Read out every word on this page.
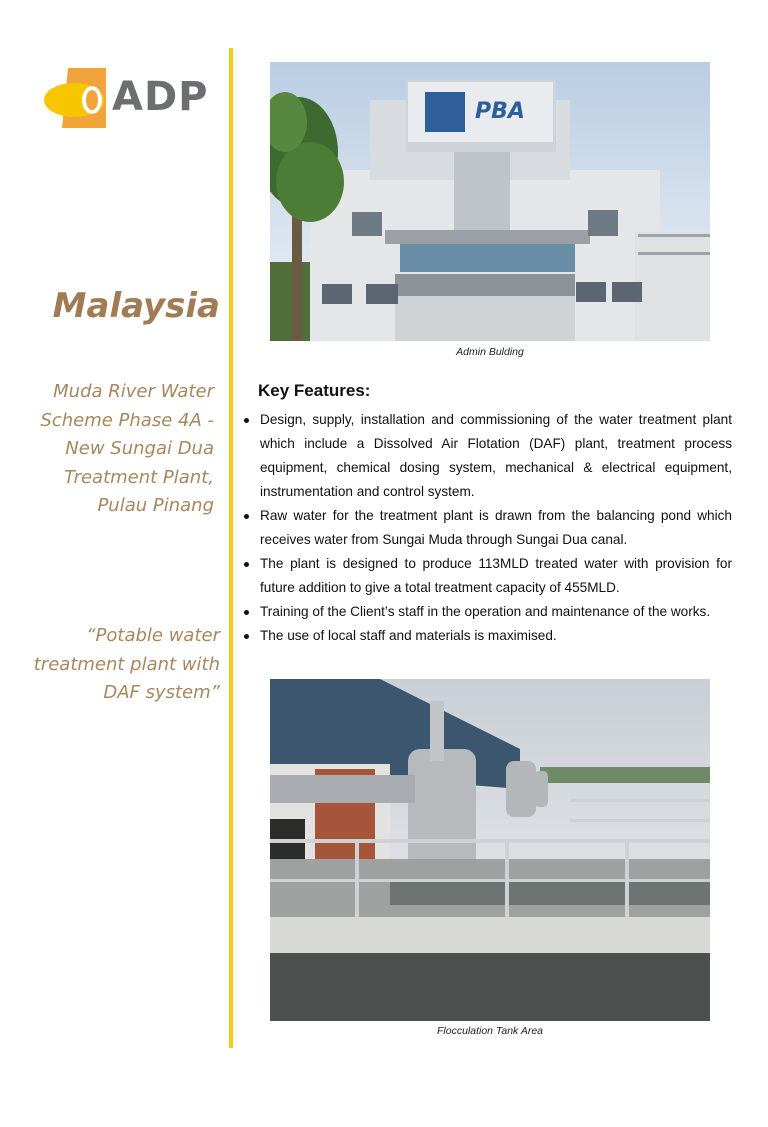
ADP
Malaysia
Muda River Water
Scheme Phase 4A -
New Sungai Dua
Treatment Plant,
Pulau Pinang
“Potable water
treatment plant with
DAF system”
PBA
Admin Bulding
Key Features:
Design, supply, installation and commissioning of the water treatment plant which include a Dissolved Air Flotation (DAF) plant, treatment process equipment, chemical dosing system, mechanical & electrical equipment, instrumentation and control system.
Raw water for the treatment plant is drawn from the balancing pond which receives water from Sungai Muda through Sungai Dua canal.
The plant is designed to produce 113MLD treated water with provision for future addition to give a total treatment capacity of 455MLD.
Training of the Client’s staff in the operation and maintenance of the works.
The use of local staff and materials is maximised.
Flocculation Tank Area
